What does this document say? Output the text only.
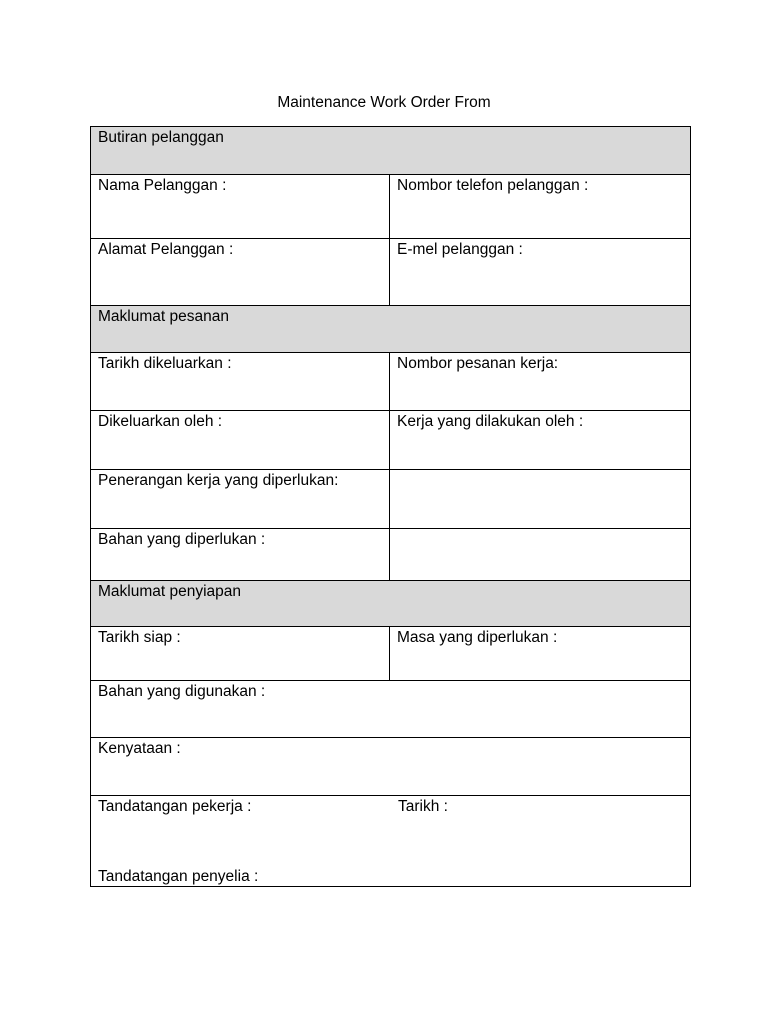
Maintenance Work Order From
Butiran pelanggan	

Nama Pelanggan :	Nombor telefon pelanggan :

Alamat Pelanggan :	E-mel pelanggan :

Maklumat pesanan	

Tarikh dikeluarkan :	Nombor pesanan kerja:

Dikeluarkan oleh :	Kerja yang dilakukan oleh :

Penerangan kerja yang diperlukan:	

Bahan yang diperlukan :	

Maklumat penyiapan	

Tarikh siap :	Masa yang diperlukan :

Bahan yang digunakan :	

Kenyataan :	

Tandatangan pekerja : Tarikh :
Tandatangan penyelia :	
